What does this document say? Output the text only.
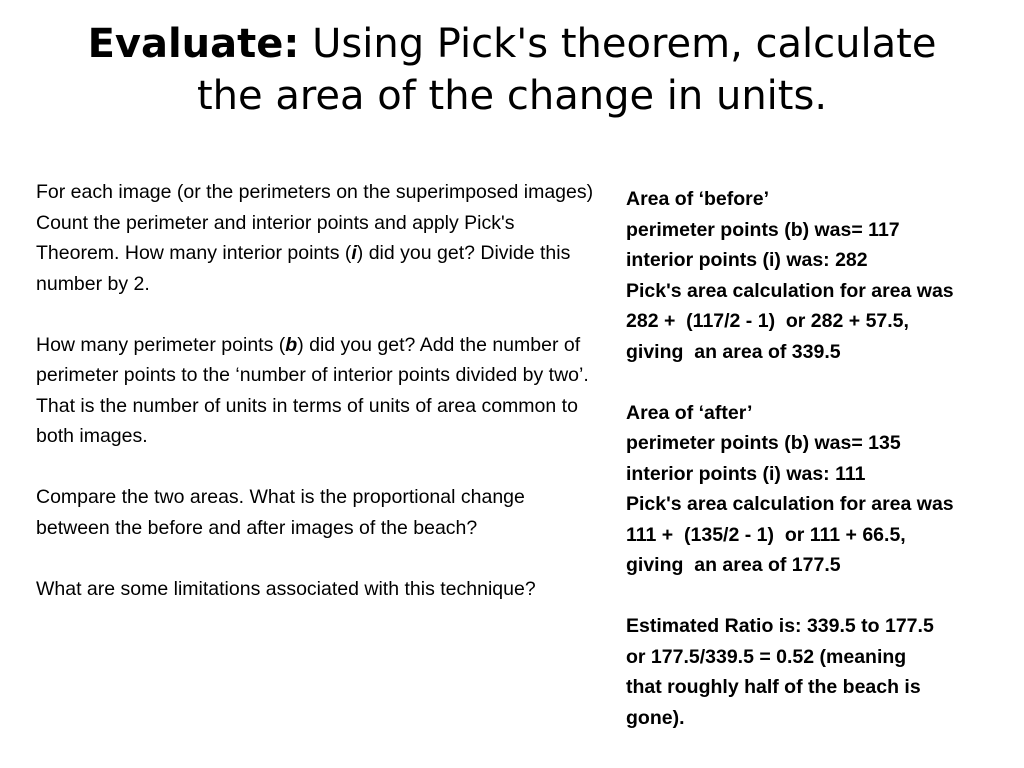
Evaluate: Using Pick's theorem, calculate
the area of the change in units.

For each image (or the perimeters on the superimposed images) Count the perimeter and interior points and apply Pick's Theorem. How many interior points (i) did you get? Divide this number by 2.

How many perimeter points (b) did you get? Add the number of perimeter points to the ‘number of interior points divided by two’. That is the number of units in terms of units of area common to both images.

Compare the two areas. What is the proportional change between the before and after images of the beach?

What are some limitations associated with this technique?

Area of ‘before’
perimeter points (b) was= 117
interior points (i) was: 282
Pick's area calculation for area was
282 +  (117/2 - 1)  or 282 + 57.5,
giving  an area of 339.5
Area of ‘after’
perimeter points (b) was= 135
interior points (i) was: 111
Pick's area calculation for area was
111 +  (135/2 - 1)  or 111 + 66.5,
giving  an area of 177.5
Estimated Ratio is: 339.5 to 177.5
or 177.5/339.5 = 0.52 (meaning
that roughly half of the beach is
gone).
